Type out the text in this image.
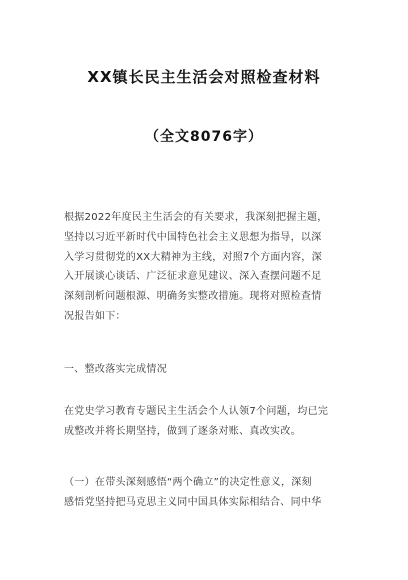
XX镇长民主生活会对照检查材料
（全文8076字）
根据2022年度民主生活会的有关要求，我深刻把握主题，
坚持以习近平新时代中国特色社会主义思想为指导，以深
入学习贯彻党的XX大精神为主线，对照7个方面内容，深
入开展谈心谈话、广泛征求意见建议、深入查摆问题不足
深刻剖析问题根源、明确务实整改措施。现将对照检查情
况报告如下：
一、整改落实完成情况
在党史学习教育专题民主生活会个人认领7个问题，均已完
成整改并将长期坚持，做到了逐条对账、真改实改。
（一）在带头深刻感悟“两个确立”的决定性意义，深刻
感悟党坚持把马克思主义同中国具体实际相结合、同中华
